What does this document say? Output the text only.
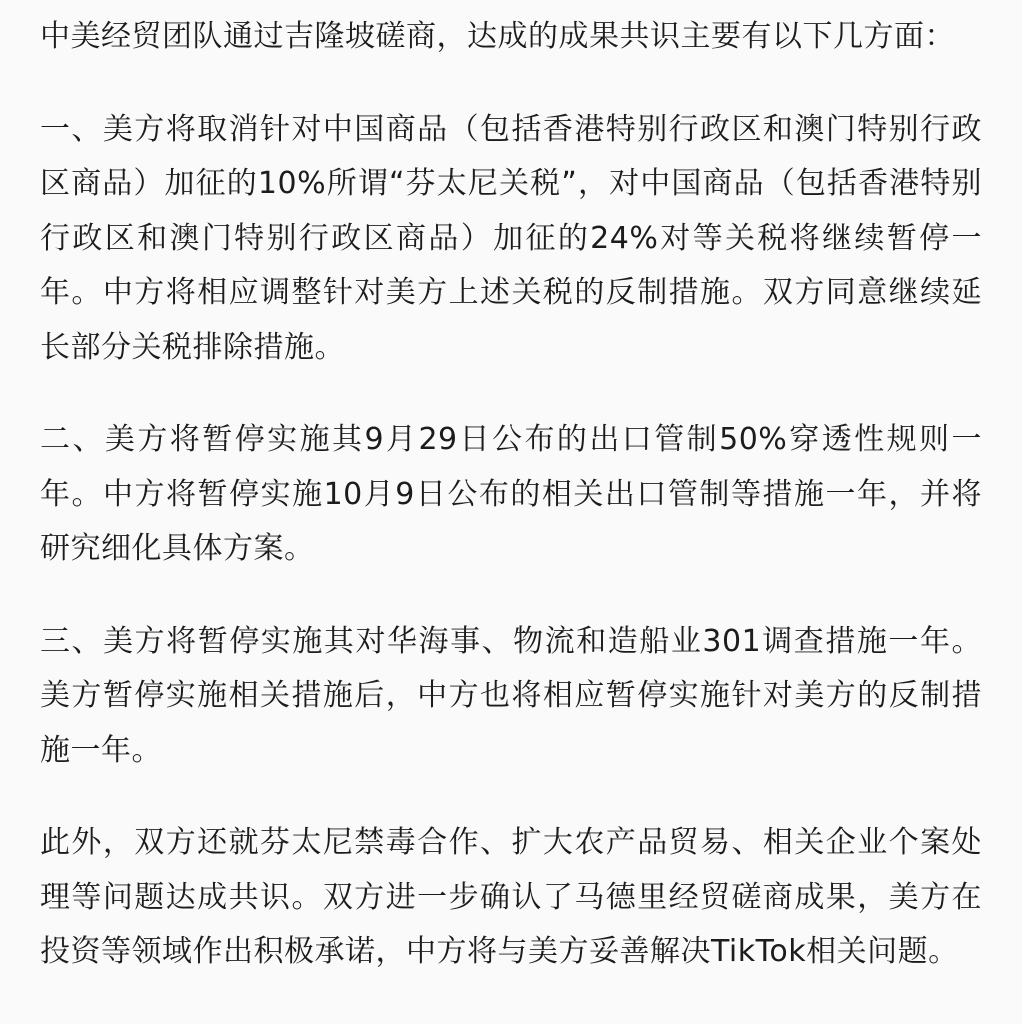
中美经贸团队通过吉隆坡磋商，达成的成果共识主要有以下几方面：

一、美方将取消针对中国商品（包括香港特别行政区和澳门特别行政区商品）加征的10%所谓“芬太尼关税”，对中国商品（包括香港特别行政区和澳门特别行政区商品）加征的24%对等关税将继续暂停一年。中方将相应调整针对美方上述关税的反制措施。双方同意继续延长部分关税排除措施。

二、美方将暂停实施其9月29日公布的出口管制50%穿透性规则一年。中方将暂停实施10月9日公布的相关出口管制等措施一年，并将研究细化具体方案。

三、美方将暂停实施其对华海事、物流和造船业301调查措施一年。美方暂停实施相关措施后，中方也将相应暂停实施针对美方的反制措施一年。

此外，双方还就芬太尼禁毒合作、扩大农产品贸易、相关企业个案处理等问题达成共识。双方进一步确认了马德里经贸磋商成果，美方在投资等领域作出积极承诺，中方将与美方妥善解决TikTok相关问题。
